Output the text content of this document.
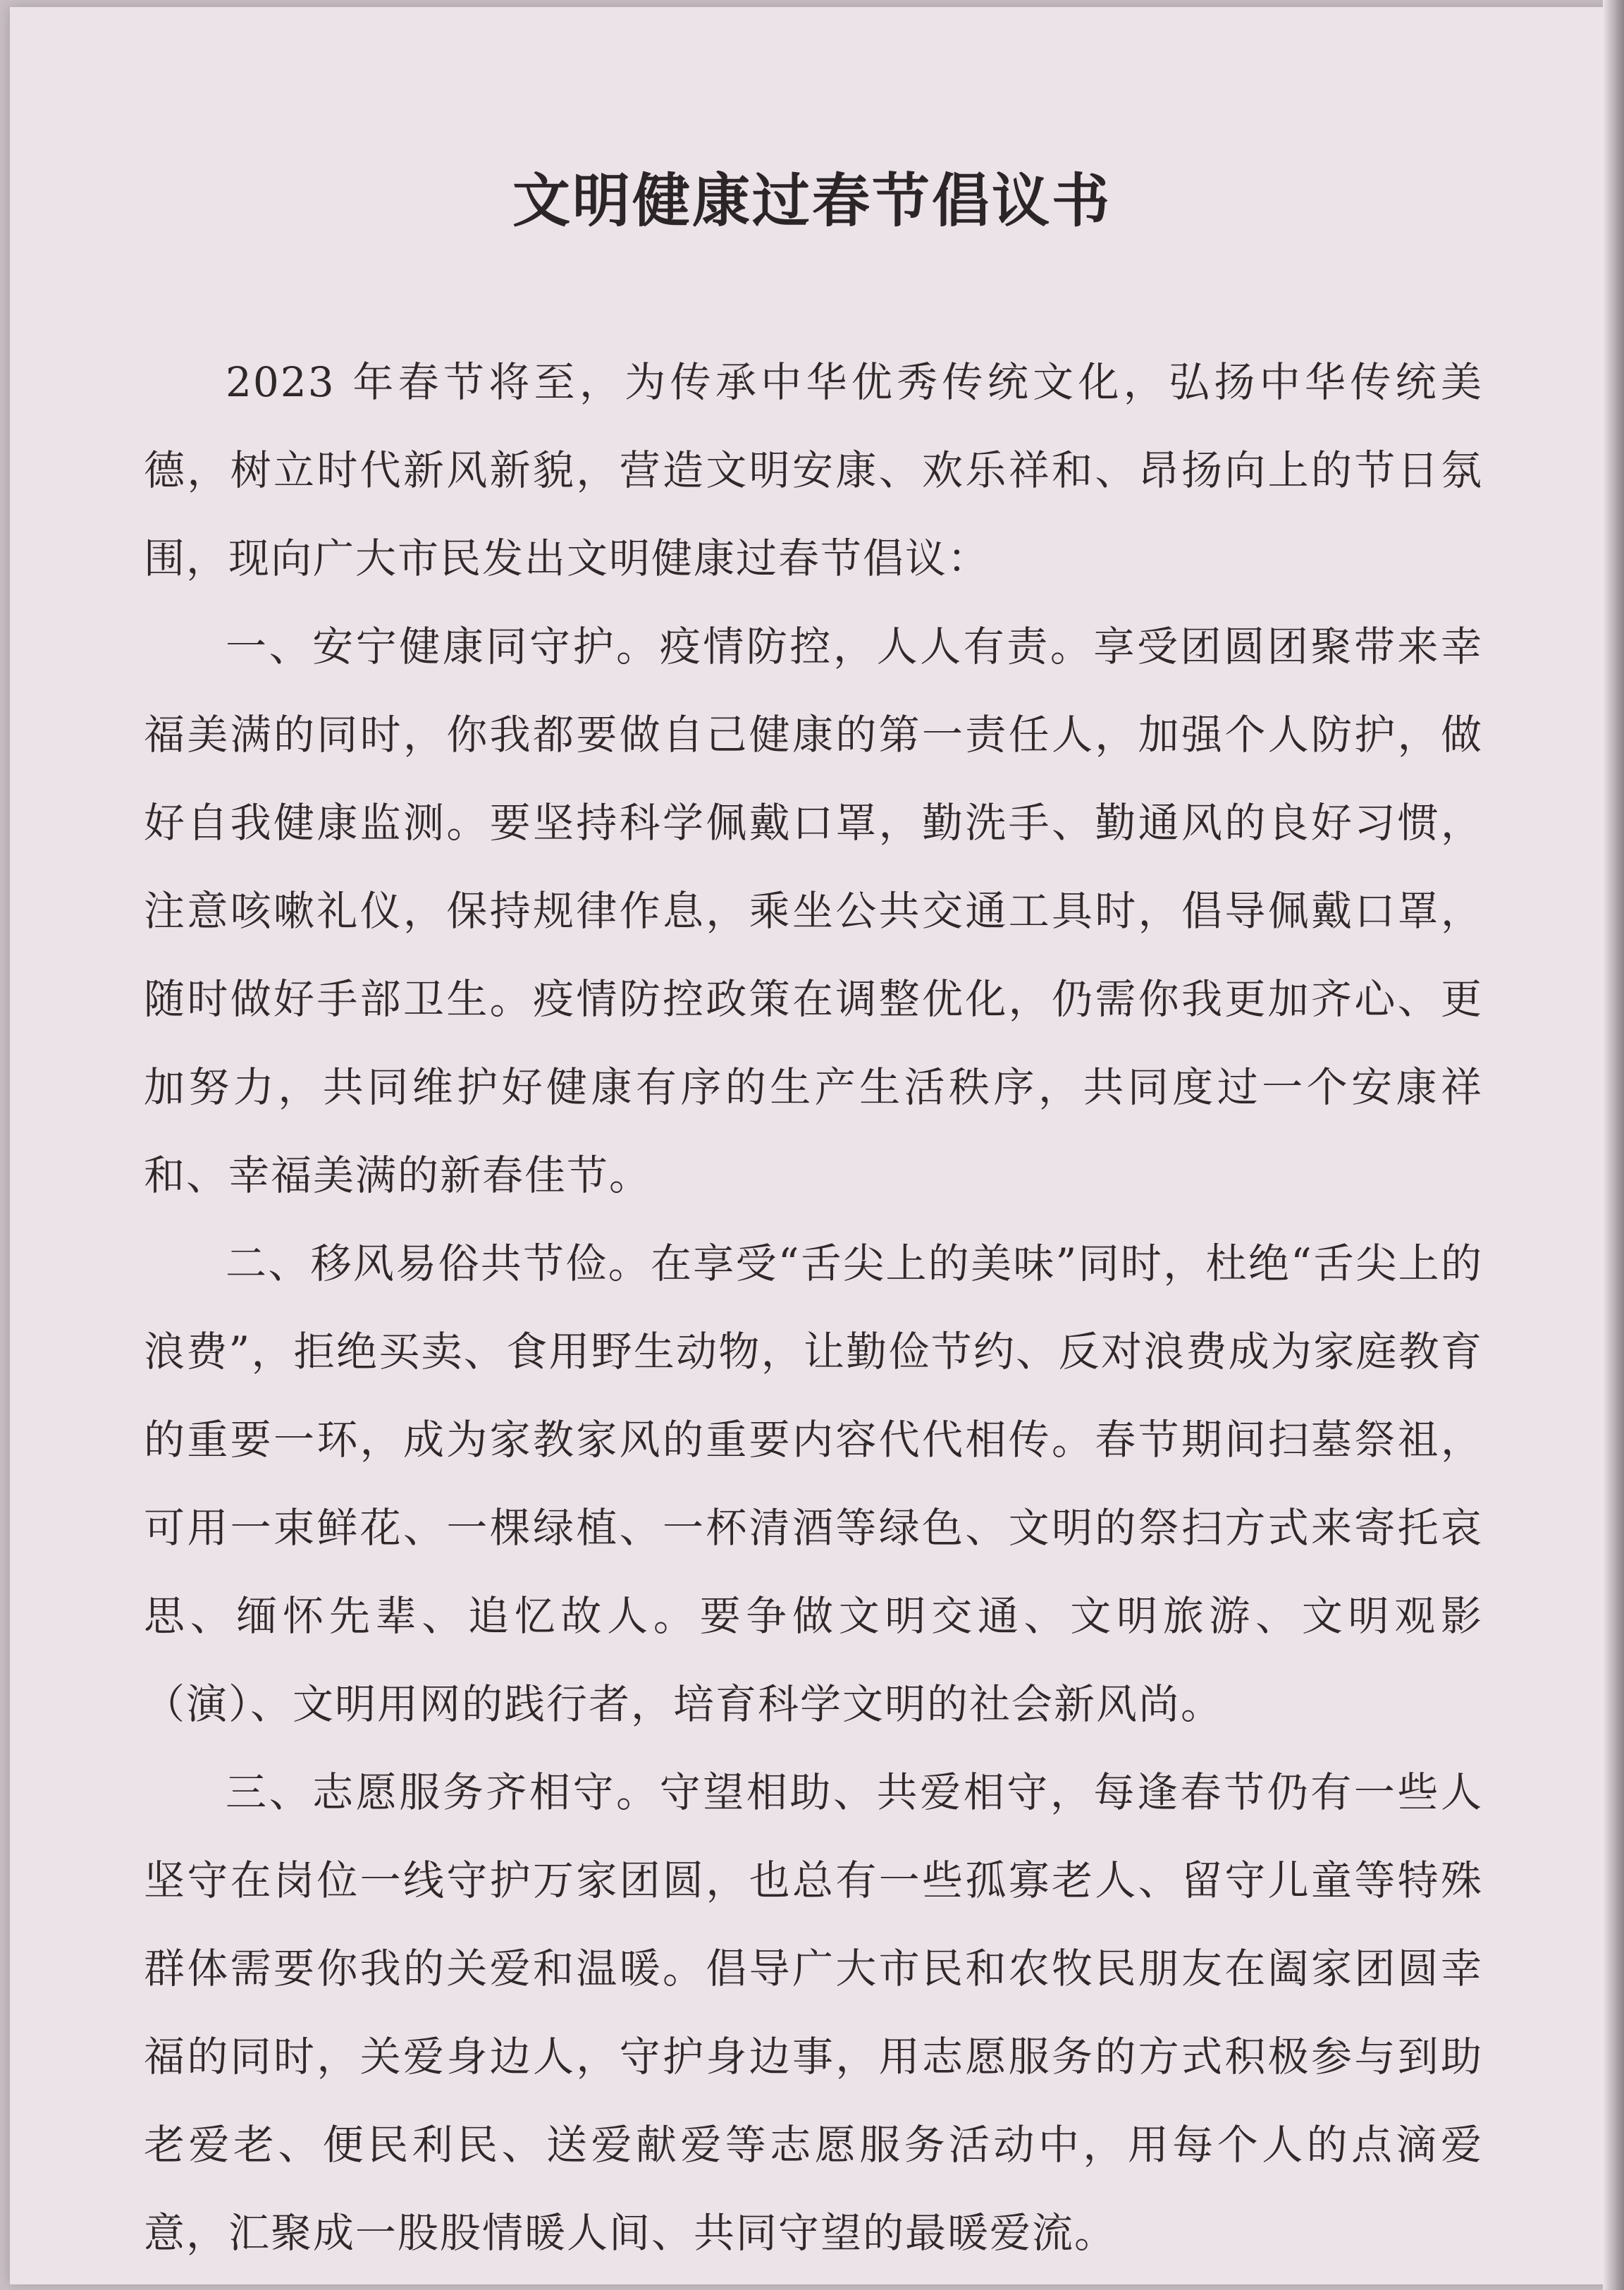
文明健康过春节倡议书

2023 年春节将至，为传承中华优秀传统文化，弘扬中华传统美德，树立时代新风新貌，营造文明安康、欢乐祥和、昂扬向上的节日氛围，现向广大市民发出文明健康过春节倡议：

一、安宁健康同守护。疫情防控，人人有责。享受团圆团聚带来幸福美满的同时，你我都要做自己健康的第一责任人，加强个人防护，做好自我健康监测。要坚持科学佩戴口罩，勤洗手、勤通风的良好习惯，注意咳嗽礼仪，保持规律作息，乘坐公共交通工具时，倡导佩戴口罩，随时做好手部卫生。疫情防控政策在调整优化，仍需你我更加齐心、更加努力，共同维护好健康有序的生产生活秩序，共同度过一个安康祥和、幸福美满的新春佳节。

二、移风易俗共节俭。在享受“舌尖上的美味”同时，杜绝“舌尖上的浪费”，拒绝买卖、食用野生动物，让勤俭节约、反对浪费成为家庭教育的重要一环，成为家教家风的重要内容代代相传。春节期间扫墓祭祖，可用一束鲜花、一棵绿植、一杯清酒等绿色、文明的祭扫方式来寄托哀思、缅怀先辈、追忆故人。要争做文明交通、文明旅游、文明观影（演）、文明用网的践行者，培育科学文明的社会新风尚。

三、志愿服务齐相守。守望相助、共爱相守，每逢春节仍有一些人坚守在岗位一线守护万家团圆，也总有一些孤寡老人、留守儿童等特殊群体需要你我的关爱和温暖。倡导广大市民和农牧民朋友在阖家团圆幸福的同时，关爱身边人，守护身边事，用志愿服务的方式积极参与到助老爱老、便民利民、送爱献爱等志愿服务活动中，用每个人的点滴爱意，汇聚成一股股情暖人间、共同守望的最暖爱流。
